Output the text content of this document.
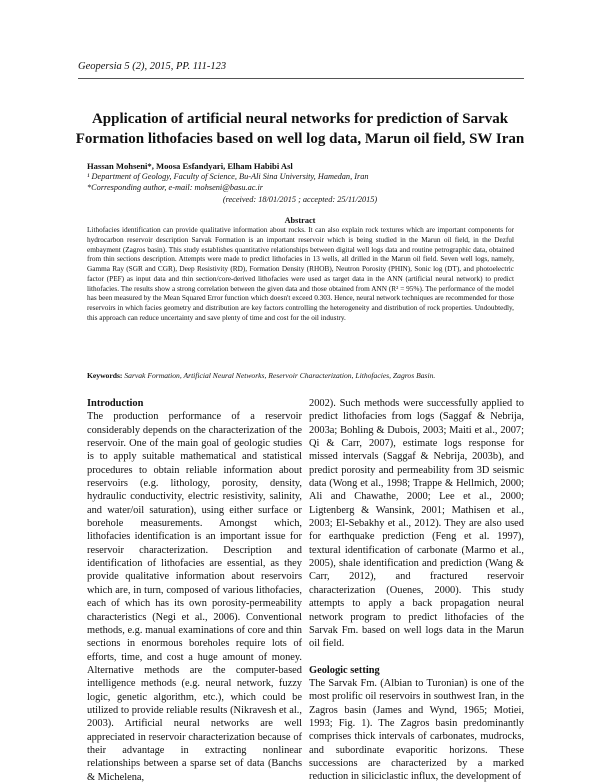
Geopersia 5 (2), 2015, PP. 111-123
Application of artificial neural networks for prediction of Sarvak Formation lithofacies based on well log data, Marun oil field, SW Iran
Hassan Mohseni*, Moosa Esfandyari, Elham Habibi Asl
¹ Department of Geology, Faculty of Science, Bu-Ali Sina University, Hamedan, Iran
*Corresponding author, e-mail: mohseni@basu.ac.ir
(received: 18/01/2015 ; accepted: 25/11/2015)
Abstract
Lithofacies identification can provide qualitative information about rocks. It can also explain rock textures which are important components for hydrocarbon reservoir description Sarvak Formation is an important reservoir which is being studied in the Marun oil field, in the Dezful embayment (Zagros basin). This study establishes quantitative relationships between digital well logs data and routine petrographic data, obtained from thin sections description. Attempts were made to predict lithofacies in 13 wells, all drilled in the Marun oil field. Seven well logs, namely, Gamma Ray (SGR and CGR), Deep Resistivity (RD), Formation Density (RHOB), Neutron Porosity (PHIN), Sonic log (DT), and photoelectric factor (PEF) as input data and thin section/core-derived lithofacies were used as target data in the ANN (artificial neural network) to predict lithofacies. The results show a strong correlation between the given data and those obtained from ANN (R² = 95%). The performance of the model has been measured by the Mean Squared Error function which doesn't exceed 0.303. Hence, neural network techniques are recommended for those reservoirs in which facies geometry and distribution are key factors controlling the heterogeneity and distribution of rock properties. Undoubtedly, this approach can reduce uncertainty and save plenty of time and cost for the oil industry.
Keywords: Sarvak Formation, Artificial Neural Networks, Reservoir Characterization, Lithofacies, Zagros Basin.
Introduction

The production performance of a reservoir considerably depends on the characterization of the reservoir. One of the main goal of geologic studies is to apply suitable mathematical and statistical procedures to obtain reliable information about reservoirs (e.g. lithology, porosity, density, hydraulic conductivity, electric resistivity, salinity, and water/oil saturation), using either surface or borehole measurements. Amongst which, lithofacies identification is an important issue for reservoir characterization. Description and identification of lithofacies are essential, as they provide qualitative information about reservoirs which are, in turn, composed of various lithofacies, each of which has its own porosity-permeability characteristics (Negi et al., 2006). Conventional methods, e.g. manual examinations of core and thin sections in enormous boreholes require lots of efforts, time, and cost a huge amount of money. Alternative methods are the computer-based intelligence methods (e.g. neural network, fuzzy logic, genetic algorithm, etc.), which could be utilized to provide reliable results (Nikravesh et al., 2003). Artificial neural networks are well appreciated in reservoir characterization because of their advantage in extracting nonlinear relationships between a sparse set of data (Banchs & Michelena,

2002). Such methods were successfully applied to predict lithofacies from logs (Saggaf & Nebrija, 2003a; Bohling & Dubois, 2003; Maiti et al., 2007; Qi & Carr, 2007), estimate logs response for missed intervals (Saggaf & Nebrija, 2003b), and predict porosity and permeability from 3D seismic data (Wong et al., 1998; Trappe & Hellmich, 2000; Ali and Chawathe, 2000; Lee et al., 2000; Ligtenberg & Wansink, 2001; Mathisen et al., 2003; El-Sebakhy et al., 2012). They are also used for earthquake prediction (Feng et al. 1997), textural identification of carbonate (Marmo et al., 2005), shale identification and prediction (Wang & Carr, 2012), and fractured reservoir characterization (Ouenes, 2000). This study attempts to apply a back propagation neural network program to predict lithofacies of the Sarvak Fm. based on well logs data in the Marun oil field.

Geologic setting

The Sarvak Fm. (Albian to Turonian) is one of the most prolific oil reservoirs in southwest Iran, in the Zagros basin (James and Wynd, 1965; Motiei, 1993; Fig. 1). The Zagros basin predominantly comprises thick intervals of carbonates, mudrocks, and subordinate evaporitic horizons. These successions are characterized by a marked reduction in siliciclastic influx, the development of
